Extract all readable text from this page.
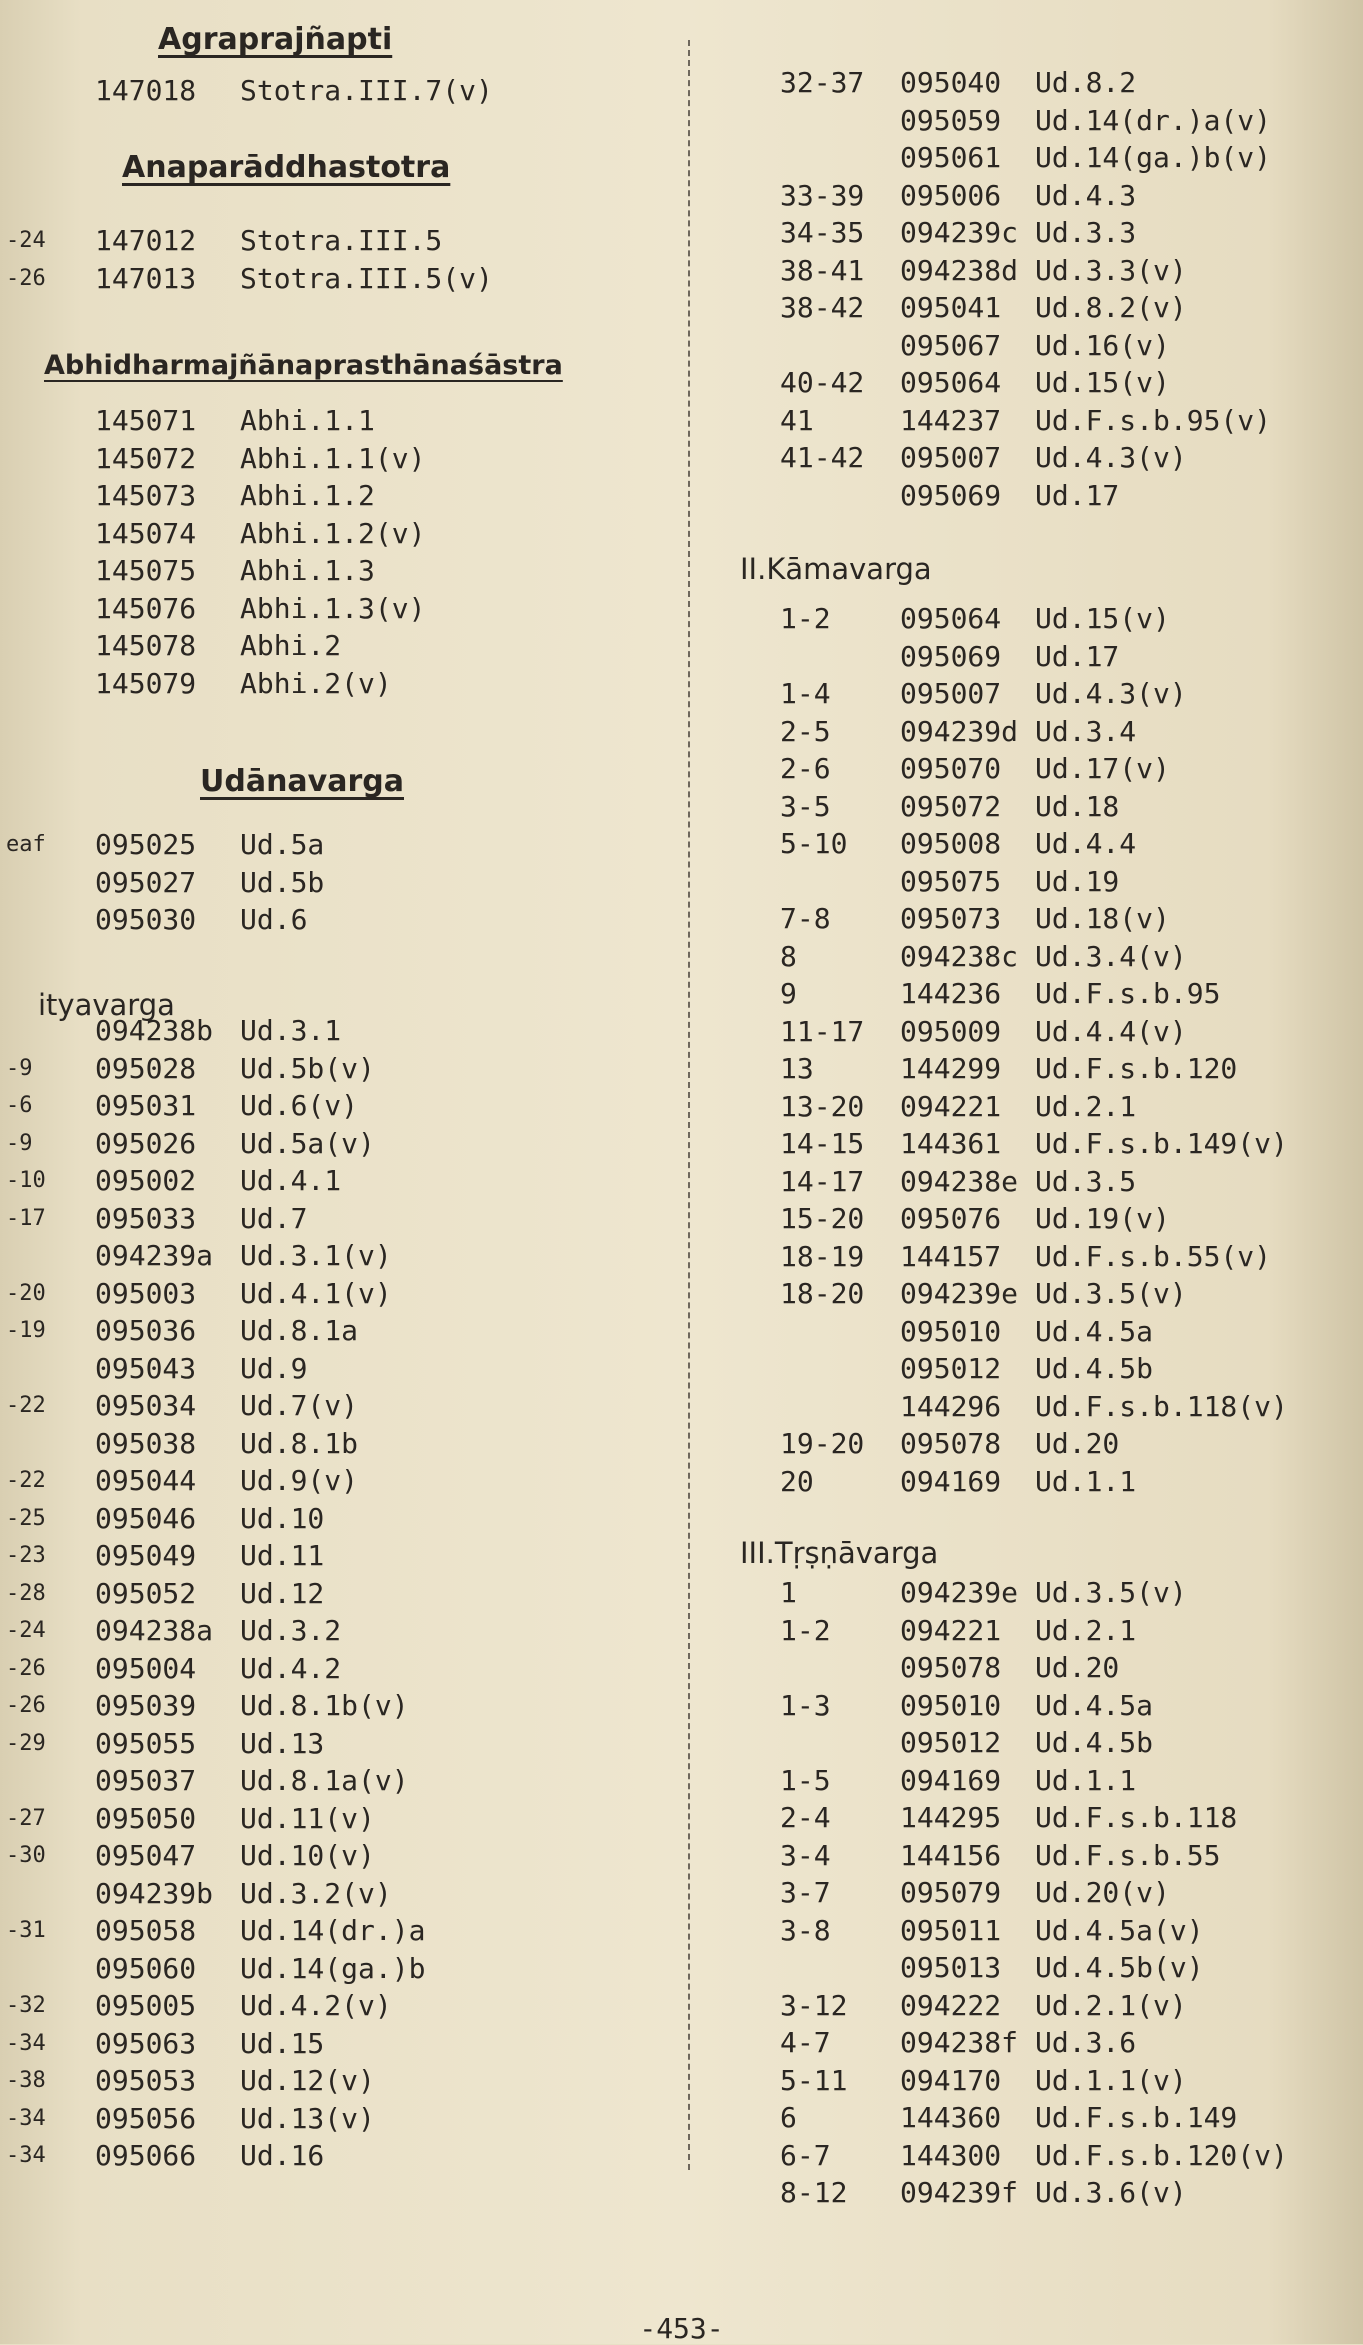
Agraprajñapti
147018 Stotra.III.7(v)
Anaparāddhastotra
-24	147012 Stotra.III.5
-26	147013 Stotra.III.5(v)
Abhidharmajñānaprasthānaśāstra
145071 Abhi.1.1
145072 Abhi.1.1(v)
145073 Abhi.1.2
145074 Abhi.1.2(v)
145075 Abhi.1.3
145076 Abhi.1.3(v)
145078 Abhi.2
145079 Abhi.2(v)
Udānavarga
eaf	095025 Ud.5a
095027 Ud.5b
095030 Ud.6
ityavarga
094238b Ud.3.1
-9	095028 Ud.5b(v)
-6	095031 Ud.6(v)
-9	095026 Ud.5a(v)
-10	095002 Ud.4.1
-17	095033 Ud.7
094239a Ud.3.1(v)
-20	095003 Ud.4.1(v)
-19	095036 Ud.8.1a
095043 Ud.9
-22	095034 Ud.7(v)
095038 Ud.8.1b
-22	095044 Ud.9(v)
-25	095046 Ud.10
-23	095049 Ud.11
-28	095052 Ud.12
-24	094238a Ud.3.2
-26	095004 Ud.4.2
-26	095039 Ud.8.1b(v)
-29	095055 Ud.13
095037 Ud.8.1a(v)
-27	095050 Ud.11(v)
-30	095047 Ud.10(v)
094239b Ud.3.2(v)
-31	095058 Ud.14(dr.)a
095060 Ud.14(ga.)b
-32	095005 Ud.4.2(v)
-34	095063 Ud.15
-38	095053 Ud.12(v)
-34	095056 Ud.13(v)
-34	095066 Ud.16
32-37	095040 Ud.8.2
095059 Ud.14(dr.)a(v)
095061 Ud.14(ga.)b(v)
33-39	095006 Ud.4.3
34-35	094239c Ud.3.3
38-41	094238d Ud.3.3(v)
38-42	095041 Ud.8.2(v)
095067 Ud.16(v)
40-42	095064 Ud.15(v)
41	144237 Ud.F.s.b.95(v)
41-42	095007 Ud.4.3(v)
095069 Ud.17
II.Kāmavarga
1-2	095064 Ud.15(v)
095069 Ud.17
1-4	095007 Ud.4.3(v)
2-5	094239d Ud.3.4
2-6	095070 Ud.17(v)
3-5	095072 Ud.18
5-10	095008 Ud.4.4
095075 Ud.19
7-8	095073 Ud.18(v)
8	094238c Ud.3.4(v)
9	144236 Ud.F.s.b.95
11-17	095009 Ud.4.4(v)
13	144299 Ud.F.s.b.120
13-20	094221 Ud.2.1
14-15	144361 Ud.F.s.b.149(v)
14-17	094238e Ud.3.5
15-20	095076 Ud.19(v)
18-19	144157 Ud.F.s.b.55(v)
18-20	094239e Ud.3.5(v)
095010 Ud.4.5a
095012 Ud.4.5b
144296 Ud.F.s.b.118(v)
19-20	095078 Ud.20
20	094169 Ud.1.1
III.Tṛṣṇāvarga
1	094239e Ud.3.5(v)
1-2	094221 Ud.2.1
095078 Ud.20
1-3	095010 Ud.4.5a
095012 Ud.4.5b
1-5	094169 Ud.1.1
2-4	144295 Ud.F.s.b.118
3-4	144156 Ud.F.s.b.55
3-7	095079 Ud.20(v)
3-8	095011 Ud.4.5a(v)
095013 Ud.4.5b(v)
3-12	094222 Ud.2.1(v)
4-7	094238f Ud.3.6
5-11	094170 Ud.1.1(v)
6	144360 Ud.F.s.b.149
6-7	144300 Ud.F.s.b.120(v)
8-12	094239f Ud.3.6(v)
-453-
